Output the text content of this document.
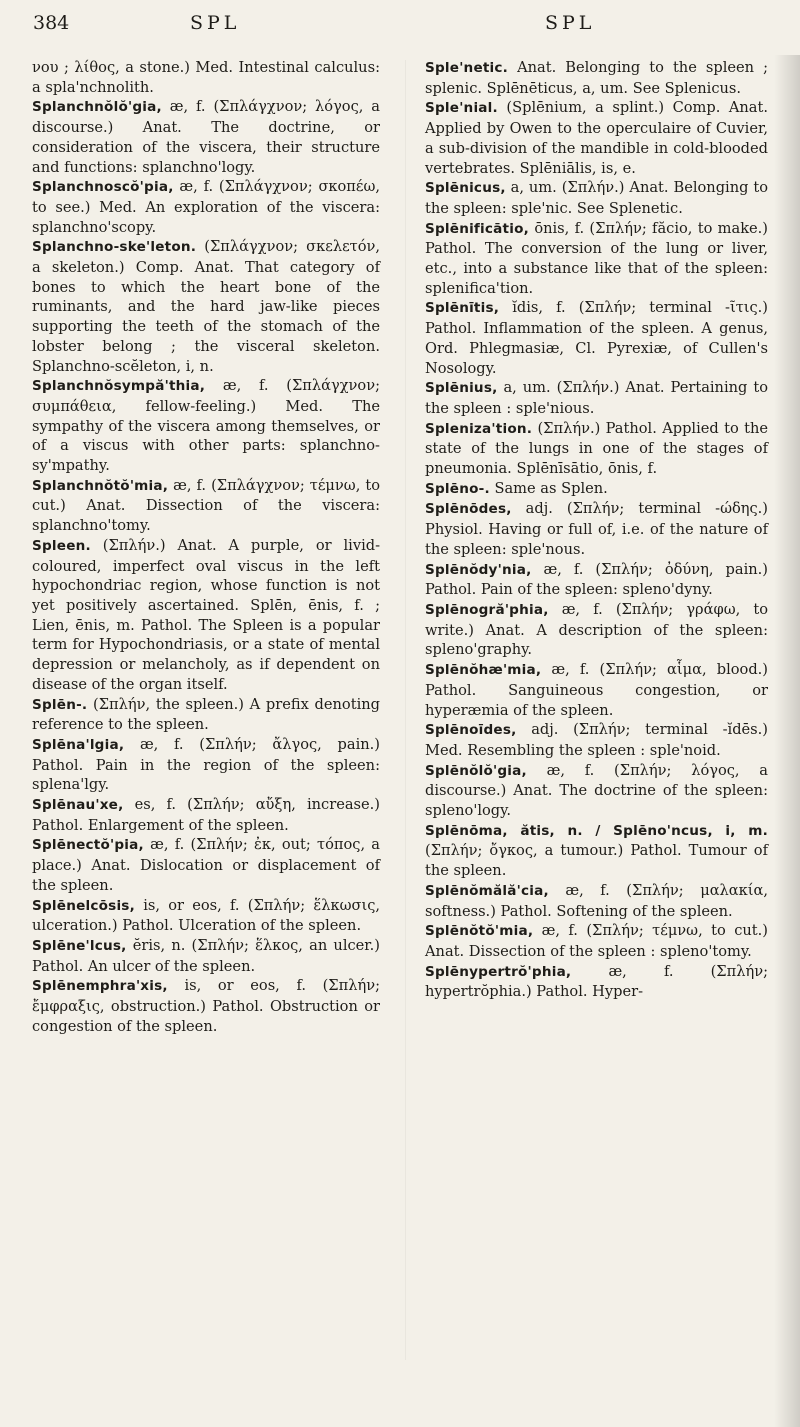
384	SPL	SPL

νου ; λίθος, a stone.) Med. Intestinal calculus: a spla'nchnolith.

Splanchnŏlŏ'gia, æ, f. (Σπλάγχνον; λόγος, a discourse.) Anat. The doctrine, or consideration of the viscera, their structure and functions: splanchno'logy.

Splanchnoscŏ'pia, æ, f. (Σπλάγχνον; σκοπέω, to see.) Med. An exploration of the viscera: splanchno'scopy.

Splanchno-ske'leton. (Σπλάγχνον; σκελετόν, a skeleton.) Comp. Anat. That category of bones to which the heart bone of the ruminants, and the hard jaw-like pieces supporting the teeth of the stomach of the lobster belong ; the visceral skeleton. Splanchno-scĕleton, i, n.

Splanchnŏsympă'thia, æ, f. (Σπλάγχνον; συμπάθεια, fellow-feeling.) Med. The sympathy of the viscera among themselves, or of a viscus with other parts: splanchno-sy'mpathy.

Splanchnŏtŏ'mia, æ, f. (Σπλάγχνον; τέμνω, to cut.) Anat. Dissection of the viscera: splanchno'tomy.

Spleen. (Σπλήν.) Anat. A purple, or livid-coloured, imperfect oval viscus in the left hypochondriac region, whose function is not yet positively ascertained. Splēn, ēnis, f. ; Lien, ēnis, m. Pathol. The Spleen is a popular term for Hypochondriasis, or a state of mental depression or melancholy, as if dependent on disease of the organ itself.

Splēn-. (Σπλήν, the spleen.) A prefix denoting reference to the spleen.

Splēna'lgia, æ, f. (Σπλήν; ἄλγος, pain.) Pathol. Pain in the region of the spleen: splena'lgy.

Splēnau'xe, es, f. (Σπλήν; αὔξη, increase.) Pathol. Enlargement of the spleen.

Splēnectŏ'pia, æ, f. (Σπλήν; ἐκ, out; τόπος, a place.) Anat. Dislocation or displacement of the spleen.

Splēnelcōsis, is, or eos, f. (Σπλήν; ἕλκωσις, ulceration.) Pathol. Ulceration of the spleen.

Splēne'lcus, ĕris, n. (Σπλήν; ἕλκος, an ulcer.) Pathol. An ulcer of the spleen.

Splēnemphra'xis, is, or eos, f. (Σπλήν; ἔμφραξις, obstruction.) Pathol. Obstruction or congestion of the spleen.

Sple'netic. Anat. Belonging to the spleen ; splenic. Splēnēticus, a, um. See Splenicus.

Sple'nial. (Splēnium, a splint.) Comp. Anat. Applied by Owen to the operculaire of Cuvier, a sub-division of the mandible in cold-blooded vertebrates. Splēniālis, is, e.

Splēnicus, a, um. (Σπλήν.) Anat. Belonging to the spleen: sple'nic. See Splenetic.

Splēnificātio, ōnis, f. (Σπλήν; făcio, to make.) Pathol. The conversion of the lung or liver, etc., into a substance like that of the spleen: splenifica'tion.

Splēnītis, ĭdis, f. (Σπλήν; terminal -ῖτις.) Pathol. Inflammation of the spleen. A genus, Ord. Phlegmasiæ, Cl. Pyrexiæ, of Cullen's Nosology.

Splēnius, a, um. (Σπλήν.) Anat. Pertaining to the spleen : sple'nious.

Spleniza'tion. (Σπλήν.) Pathol. Applied to the state of the lungs in one of the stages of pneumonia. Splēnīsātio, ōnis, f.

Splēno-. Same as Splen.

Splēnōdes, adj. (Σπλήν; terminal -ώδης.) Physiol. Having or full of, i.e. of the nature of the spleen: sple'nous.

Splēnŏdy'nia, æ, f. (Σπλήν; ὀδύνη, pain.) Pathol. Pain of the spleen: spleno'dyny.

Splēnogră'phia, æ, f. (Σπλήν; γράφω, to write.) Anat. A description of the spleen: spleno'graphy.

Splēnŏhæ'mia, æ, f. (Σπλήν; αἷμα, blood.) Pathol. Sanguineous congestion, or hyperæmia of the spleen.

Splēnoīdes, adj. (Σπλήν; terminal -ĭdēs.) Med. Resembling the spleen : sple'noid.

Splēnŏlŏ'gia, æ, f. (Σπλήν; λόγος, a discourse.) Anat. The doctrine of the spleen: spleno'logy.

Splēnōma, ătis, n. / Splēno'ncus, i, m. (Σπλήν; ὄγκος, a tumour.) Pathol. Tumour of the spleen.

Splēnŏmălă'cia, æ, f. (Σπλήν; μαλακία, softness.) Pathol. Softening of the spleen.

Splēnŏtŏ'mia, æ, f. (Σπλήν; τέμνω, to cut.) Anat. Dissection of the spleen : spleno'tomy.

Splēnypertrŏ'phia,	æ, f. (Σπλήν; hypertrŏphia.) Pathol. Hyper-
